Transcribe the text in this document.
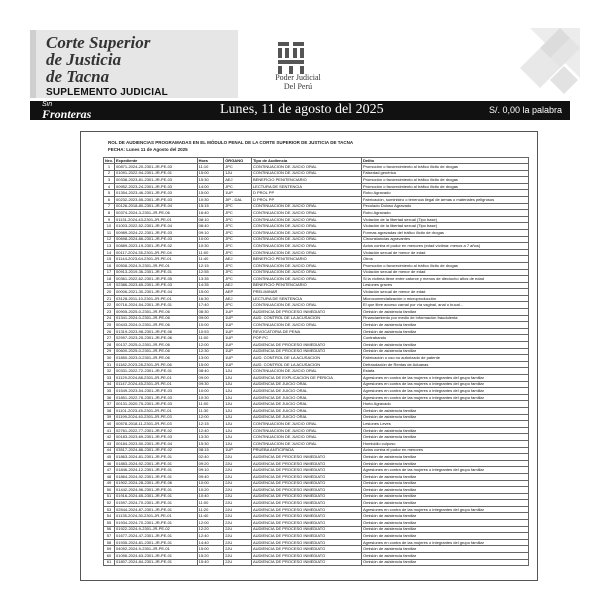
Corte Superior
de Justicia
de Tacna
SUPLEMENTO JUDICIAL
Poder Judicial
Del Perú
Sin
Fronteras	Lunes, 11 de agosto del 2025	S/. 0,00 la palabra
ROL DE AUDIENCIAS PROGRAMADAS EN EL MÓDULO PENAL DE LA CORTE SUPERIOR DE JUSTICIA DE TACNA
FECHA: Lunes 11 de Agosto del 2025
Nro.	Expediente	Hora	ÓRGANO	Tipo de Audiencia	Delito
1	00871-2024-20-2301-JR-PE-03	11:10	JPC	CONTINUACION DE JUICIO ORAL	Promoción o favorecimiento al tráfico ilícito de drogas
2	01091-2022-94-2301-JR-PE-01	15:00	1JU	CONTINUACION DE JUICIO ORAL	Falsedad genérica
3	00338-2023-81-2301-JR-PE-03	15:30	AEJ	BENEFICIO PENITENCIARIO	Promoción o favorecimiento al tráfico ilícito de drogas
4	00952-2023-24-2301-JR-PE-03	14:00	JPC	LECTURA DE SENTENCIA	Promoción o favorecimiento al tráfico ilícito de drogas
5	01354-2023-46-2301-JR-PE-03	15:00	1UP	D PROL PP	Robo Agravado
6	00232-2023-55-2301-JR-PE-03	10:30	JIP - DAL	D PROL PP	Fabricación, suministro o tenencia ilegal de armas o materiales peligrosos
7	00126-2018-80-2301-JR-PE-04	15:15	JPC	CONTINUACION DE JUICIO ORAL	Peculado Doloso Agravado
8	00374-2024-3-2301-JR-PE-06	16:40	JPC	CONTINUACION DE JUICIO ORAL	Robo Agravado
9	01131-2024-43-2301-JR-PE-01	08:10	JPC	CONTINUACION DE JUICIO ORAL	Violación de la libertad sexual (Tipo base)
10	01003-2022-52-2301-JR-PE-04	08:40	JPC	CONTINUACION DE JUICIO ORAL	Violación de la libertad sexual (Tipo base)
11	00989-2024-22-2301-JR-PE-03	09:10	JPC	CONTINUACION DE JUICIO ORAL	Formas agravadas del tráfico ilícito de drogas
12	00698-2024-86-2301-JR-PE-03	10:00	JPC	CONTINUACION DE JUICIO ORAL	Circunstancias agravantes
13	00889-2023-19-2301-JR-PE-02	10:30	JPC	CONTINUACION DE JUICIO ORAL	Actos contra el pudor en menores (edad víctima: menos a 7 años)
14	00117-2024-35-2301-JR-PE-04	11:00	JPC	CONTINUACION DE JUICIO ORAL	Violación sexual de menor de edad
15	01144-2023-64-2301-JR-PE-01	11:40	AEJ	BENEFICIO PENITENCIARIO	Otros
16	00508-2024-9-2301-JR-PE-01	12:15	JPC	CONTINUACION DE JUICIO ORAL	Promoción o favorecimiento al tráfico ilícito de drogas
17	00913-2019-36-2301-JR-PE-01	12:55	JPC	CONTINUACION DE JUICIO ORAL	Violación sexual de menor de edad
18	00361-2022-62-2301-JR-PE-05	13:35	JPC	CONTINUACION DE JUICIO ORAL	Si la víctima tiene entre catorce y menos de dieciocho años de edad
19	02386-2023-65-2301-JR-PE-03	14:35	AEJ	BENEFICIO PENITENCIARIO	Lesiones graves
20	00006-2021-30-2301-JR-PE-04	15:00	AEP	PRELIMINAR	Violación sexual de menor de edad
21	03128-2011-10-2301-JR-PE-01	16:30	AEJ	LECTURA DE SENTENCIA	Microcomercialización o microproducción
22	00716-2024-54-2301-JR-PE-01	17:40	JPC	CONTINUACION DE JUICIO ORAL	El que libre acceso carnal por vía vaginal, anal o bucal...
23	00905-2025-0-2301-JR-PE-06	08:30	1UP	AUDIENCIA DE PROCESO INMEDIATO	Omisión de asistencia familiar
24	01341-2024-0-2301-JR-PE-06	09:00	1UP	AUD. CONTROL DE LA ACUSACION	Financiamiento por medio de información fraudulenta
25	00443-2024-0-2301-JR-PE-06	10:00	1UP	CONTINUACION DE JUICIO ORAL	Omisión de asistencia familiar
26	01319-2023-98-2301-JR-PE-06	10:53	1UP	REVOCATORIA DE PENA	Omisión de asistencia familiar
27	02997-2023-25-2301-JR-PE-06	11:00	1UP	POP PC	Contrabando
28	00137-2025-0-2301-JR-PE-06	12:00	1UP	AUDIENCIA DE PROCESO INMEDIATO	Omisión de asistencia familiar
29	00600-2025-0-2301-JR-PE-06	12:30	1UP	AUDIENCIA DE PROCESO INMEDIATO	Omisión de asistencia familiar
30	01850-2023-0-2301-JR-PE-06	13:00	1UP	AUD. CONTROL DE LA ACUSACION	Fabricación o uso no autorizado de patente
31	01182-2023-28-2301-JR-PE-06	15:00	1UP	AUD. CONTROL DE LA ACUSACION	Defraudación de Rentas de Aduanas
32	00331-2022-72-2301-JR-PE-01	08:40	1JU	CONTINUACION DE JUICIO ORAL	Estafa
33	01129-2024-88-2301-JR-PE-01	09:00	1JU	AUDIENCIA DE EXPLICACION DE PERICIA	Agresiones en contra de las mujeres o integrantes del grupo familiar
34	01147-2024-45-2301-JR-PE-01	09:30	1JU	AUDIENCIA DE JUICIO ORAL	Agresiones en contra de las mujeres o integrantes del grupo familiar
35	01549-2023-54-2301-JR-PE-03	10:00	1JU	AUDIENCIA DE JUICIO ORAL	Agresiones en contra de las mujeres o integrantes del grupo familiar
36	01851-2022-76-2301-JR-PE-03	10:30	1JU	AUDIENCIA DE JUICIO ORAL	Agresiones en contra de las mujeres o integrantes del grupo familiar
37	00131-2020-75-2301-JR-PE-03	11:00	1JU	AUDIENCIA DE JUICIO ORAL	Hurto Agravado
38	01101-2023-45-2301-JR-PE-01	11:30	1JU	AUDIENCIA DE JUICIO ORAL	Omisión de asistencia familiar
39	01199-2024-40-2301-JR-PE-03	12:00	1JU	AUDIENCIA DE JUICIO ORAL	Omisión de asistencia familiar
40	00578-2018-11-2301-JR-PE-03	12:15	1JU	CONTINUACION DE JUICIO ORAL	Lesiones Leves
41	02761-2022-77-2301-JR-PE-02	12:40	1JU	CONTINUACION DE JUICIO ORAL	Omisión de asistencia familiar
42	00183-2023-69-2301-JR-PE-03	13:30	1JU	CONTINUACION DE JUICIO ORAL	Omisión de asistencia familiar
43	00184-2023-50-2301-JR-PE-04	15:30	1JU	CONTINUACION DE JUICIO ORAL	Homicidio culposo
44	03517-2024-86-2301-JR-PE-02	08:15	1UP	PRUEBA ANTICIPADA	Actos contra el pudor en menores
45	01863-2024-81-2301-JR-PE-01	02:40	2JU	AUDIENCIA DE PROCESO INMEDIATO	Omisión de asistencia familiar
46	01883-2024-92-2301-JR-PE-01	09:20	2JU	AUDIENCIA DE PROCESO INMEDIATO	Omisión de asistencia familiar
47	01846-2024-12-2301-JR-PE-01	09:10	2JU	AUDIENCIA DE PROCESO INMEDIATO	Agresiones en contra de las mujeres o integrantes del grupo familiar
48	01864-2024-92-2301-JR-PE-01	09:40	2JU	AUDIENCIA DE PROCESO INMEDIATO	Omisión de asistencia familiar
49	01902-2024-28-2301-JR-PE-06	10:00	2JU	AUDIENCIA DE PROCESO INMEDIATO	Omisión de asistencia familiar
50	01442-2024-96-2301-JR-PE-01	10:20	2JU	AUDIENCIA DE PROCESO INMEDIATO	Omisión de asistencia familiar
51	01916-2024-65-2301-JR-PE-01	10:40	2JU	AUDIENCIA DE PROCESO INMEDIATO	Omisión de asistencia familiar
52	01597-2024-70-2301-JR-PE-01	11:00	2JU	AUDIENCIA DE PROCESO INMEDIATO	Omisión de asistencia familiar
53	02544-2024-87-2301-JR-PE-01	11:20	2JU	AUDIENCIA DE PROCESO INMEDIATO	Agresiones en contra de las mujeres o integrantes del grupo familiar
54	01135-2024-30-2301-JR-PE-01	11:40	2JU	AUDIENCIA DE PROCESO INMEDIATO	Omisión de asistencia familiar
55	01934-2024-70-2301-JR-PE-01	12:00	2JU	AUDIENCIA DE PROCESO INMEDIATO	Omisión de asistencia familiar
56	01922-2024-9-2301-JR-PE-02	12:20	2JU	AUDIENCIA DE PROCESO INMEDIATO	Omisión de asistencia familiar
57	01677-2024-47-2301-JR-PE-01	12:40	2JU	AUDIENCIA DE PROCESO INMEDIATO	Omisión de asistencia familiar
58	01935-2024-81-2301-JR-PE-01	14:40	2JU	AUDIENCIA DE PROCESO INMEDIATO	Agresiones en contra de las mujeres o integrantes del grupo familiar
59	04092-2024-9-2301-JR-PE-01	15:00	2JU	AUDIENCIA DE PROCESO INMEDIATO	Omisión de asistencia familiar
60	01096-2024-63-2301-JR-PE-01	15:20	2JU	AUDIENCIA DE PROCESO INMEDIATO	Omisión de asistencia familiar
61	01807-2024-84-2301-JR-PE-01	15:40	2JU	AUDIENCIA DE PROCESO INMEDIATO	Omisión de asistencia familiar
